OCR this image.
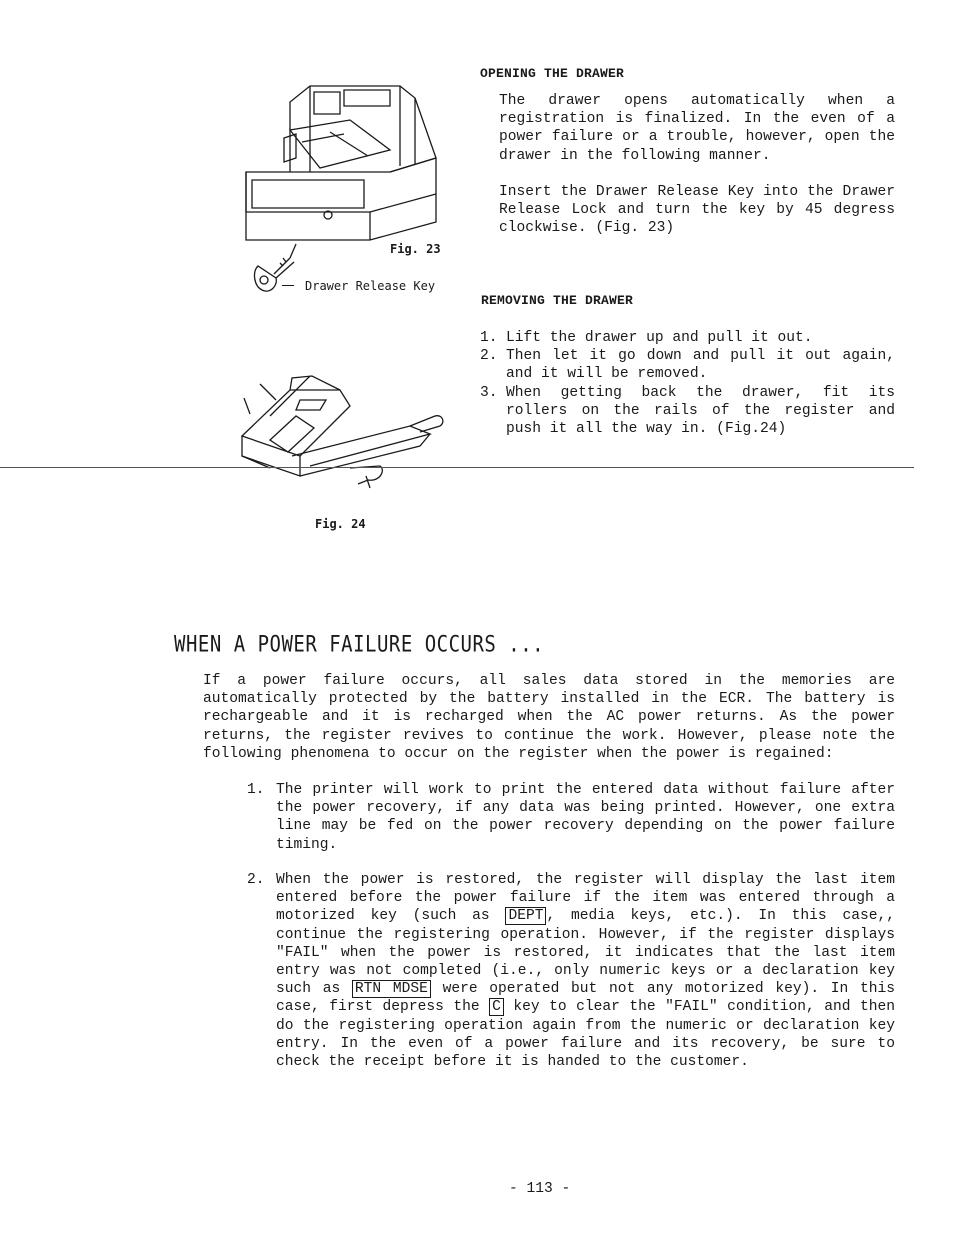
Fig. 23
Drawer Release Key
Fig. 24
OPENING THE DRAWER

The drawer opens automatically when a registration is finalized. In the even of a power failure or a trouble, however, open the drawer in the following manner.

Insert the Drawer Release Key into the Drawer Release Lock and turn the key by 45 degress clockwise. (Fig. 23)

REMOVING THE DRAWER
1. Lift the drawer up and pull it out.
2. Then let it go down and pull it out again, and it will be removed.
3. When getting back the drawer, fit its rollers on the rails of the register and push it all the way in. (Fig.24)
WHEN A POWER FAILURE OCCURS ...

If a power failure occurs, all sales data stored in the memories are automatically protected by the battery installed in the ECR. The battery is rechargeable and it is recharged when the AC power returns. As the power returns, the register revives to continue the work. However, please note the following phenomena to occur on the register when the power is regained:

1. The printer will work to print the entered data without failure after the power recovery, if any data was being printed. However, one extra line may be fed on the power recovery depending on the power failure timing.

2. When the power is restored, the register will display the last item entered before the power failure if the item was entered through a motorized key (such as DEPT , media keys, etc.). In this case,, continue the registering operation. However, if the register displays "FAIL" when the power is restored, it indicates that the last item entry was not completed (i.e., only numeric keys or a declaration key such as RTN MDSE were operated but not any motorized key). In this case, first depress the C key to clear the "FAIL" condition, and then do the registering operation again from the numeric or declaration key entry. In the even of a power failure and its recovery, be sure to check the receipt before it is handed to the customer.

- 113 -
